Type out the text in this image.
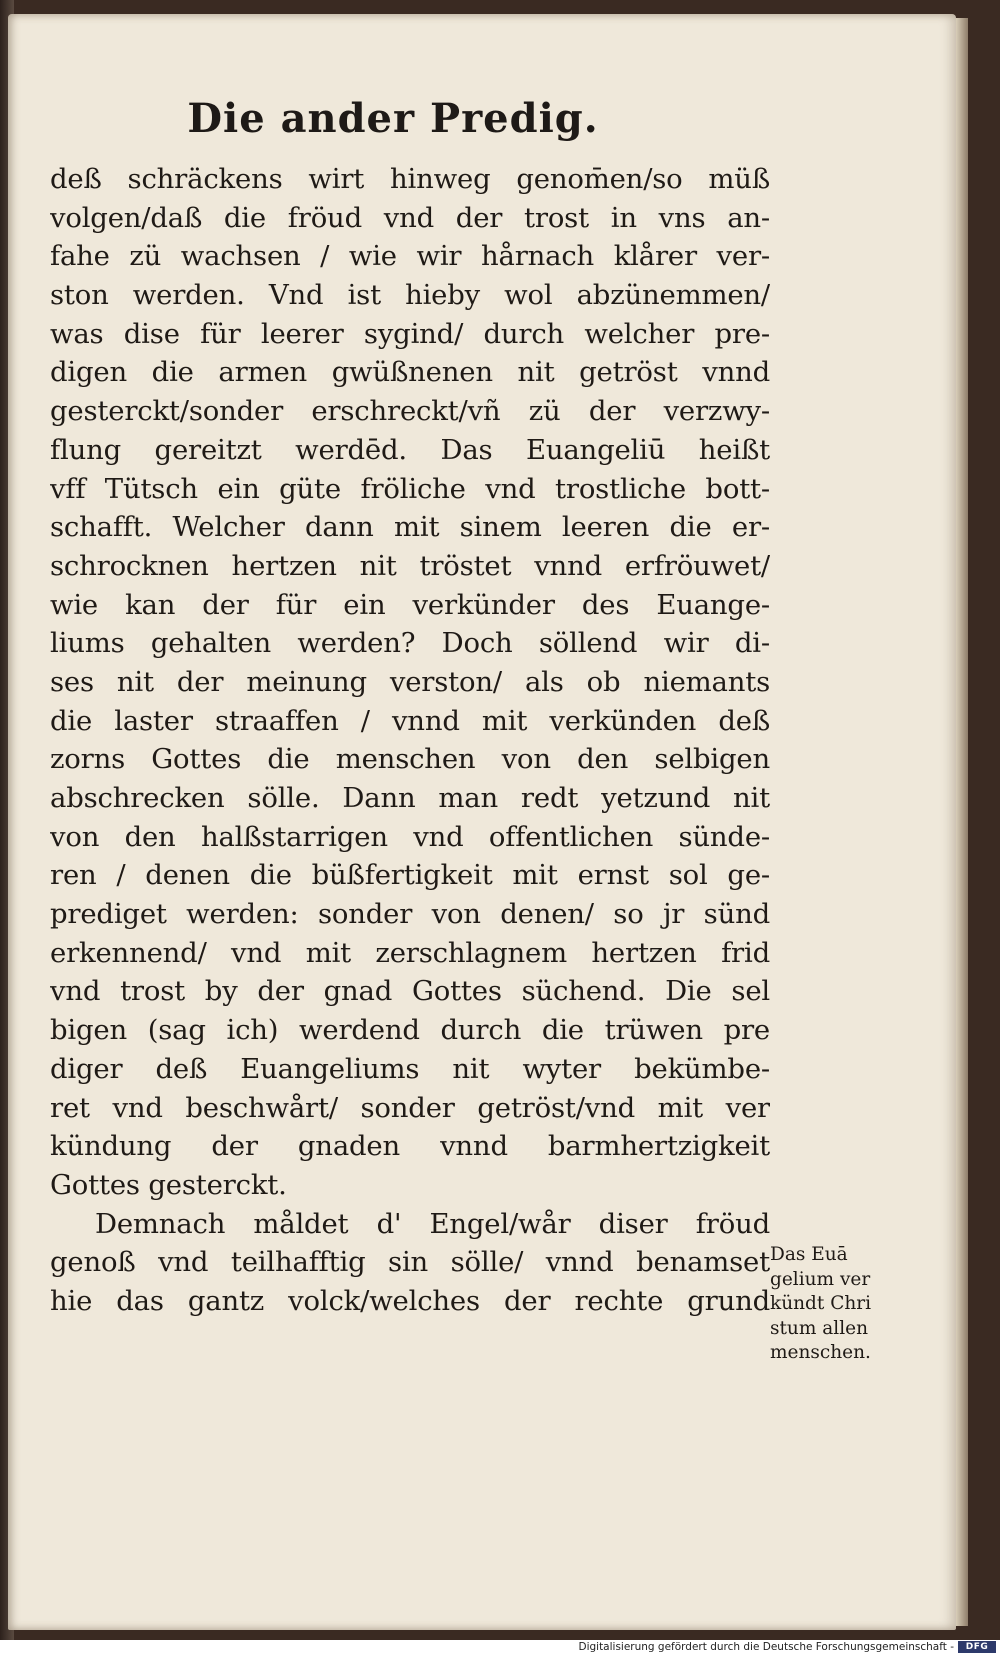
Die ander Predig.
deß schräckens wirt hinweg genom̄en/so müß
volgen/daß die fröud vnd der trost in vns an-
fahe zü wachsen / wie wir hårnach klårer ver-
ston werden. Vnd ist hieby wol abzünemmen/
was dise für leerer sygind/ durch welcher pre-
digen die armen gwüßnenen nit getröst vnnd
gesterckt/sonder erschreckt/vñ zü der verzwy-
flung gereitzt werdēd. Das Euangeliū heißt
vff Tütsch ein güte fröliche vnd trostliche bott-
schafft. Welcher dann mit sinem leeren die er-
schrocknen hertzen nit tröstet vnnd erfröuwet/
wie kan der für ein verkünder des Euange-
liums gehalten werden? Doch söllend wir di-
ses nit der meinung verston/ als ob niemants
die laster straaffen / vnnd mit verkünden deß
zorns Gottes die menschen von den selbigen
abschrecken sölle. Dann man redt yetzund nit
von den halßstarrigen vnd offentlichen sünde-
ren / denen die büßfertigkeit mit ernst sol ge-
prediget werden: sonder von denen/ so jr sünd
erkennend/ vnd mit zerschlagnem hertzen frid
vnd trost by der gnad Gottes süchend. Die sel
bigen (sag ich) werdend durch die trüwen pre
diger deß Euangeliums nit wyter bekümbe-
ret vnd beschwårt/ sonder getröst/vnd mit ver
kündung der gnaden vnnd barmhertzigkeit
Gottes gesterckt.
Demnach måldet d' Engel/wår diser fröud
genoß vnd teilhafftig sin sölle/ vnnd benamset
hie das gantz volck/welches der rechte grund
Das Euā
gelium ver
kündt Chri
stum allen
menschen.
Digitalisierung gefördert durch die Deutsche Forschungsgemeinschaft -	DFG
